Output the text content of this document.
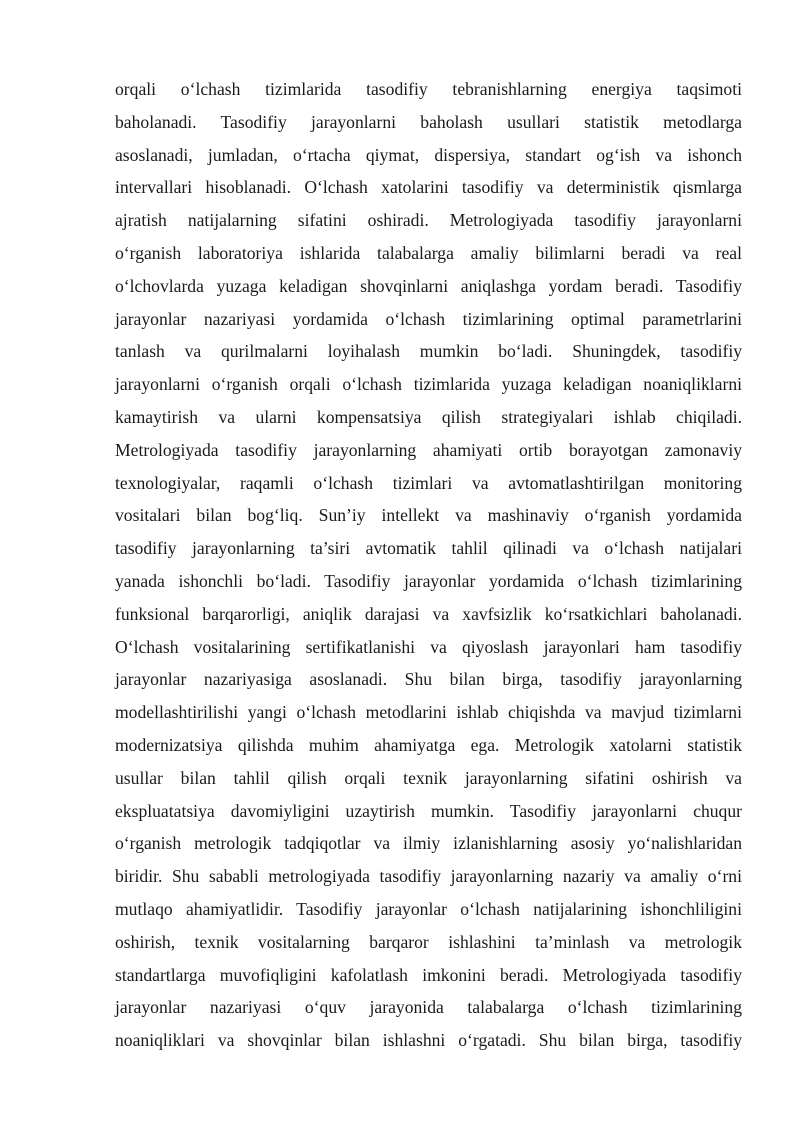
orqali o‘lchash tizimlarida tasodifiy tebranishlarning energiya taqsimoti
baholanadi. Tasodifiy jarayonlarni baholash usullari statistik metodlarga
asoslanadi, jumladan, o‘rtacha qiymat, dispersiya, standart og‘ish va ishonch
intervallari hisoblanadi. O‘lchash xatolarini tasodifiy va deterministik qismlarga
ajratish natijalarning sifatini oshiradi. Metrologiyada tasodifiy jarayonlarni
o‘rganish laboratoriya ishlarida talabalarga amaliy bilimlarni beradi va real
o‘lchovlarda yuzaga keladigan shovqinlarni aniqlashga yordam beradi. Tasodifiy
jarayonlar nazariyasi yordamida o‘lchash tizimlarining optimal parametrlarini
tanlash va qurilmalarni loyihalash mumkin bo‘ladi. Shuningdek, tasodifiy
jarayonlarni o‘rganish orqali o‘lchash tizimlarida yuzaga keladigan noaniqliklarni
kamaytirish va ularni kompensatsiya qilish strategiyalari ishlab chiqiladi.
Metrologiyada tasodifiy jarayonlarning ahamiyati ortib borayotgan zamonaviy
texnologiyalar, raqamli o‘lchash tizimlari va avtomatlashtirilgan monitoring
vositalari bilan bog‘liq. Sun’iy intellekt va mashinaviy o‘rganish yordamida
tasodifiy jarayonlarning ta’siri avtomatik tahlil qilinadi va o‘lchash natijalari
yanada ishonchli bo‘ladi. Tasodifiy jarayonlar yordamida o‘lchash tizimlarining
funksional barqarorligi, aniqlik darajasi va xavfsizlik ko‘rsatkichlari baholanadi.
O‘lchash vositalarining sertifikatlanishi va qiyoslash jarayonlari ham tasodifiy
jarayonlar nazariyasiga asoslanadi. Shu bilan birga, tasodifiy jarayonlarning
modellashtirilishi yangi o‘lchash metodlarini ishlab chiqishda va mavjud tizimlarni
modernizatsiya qilishda muhim ahamiyatga ega. Metrologik xatolarni statistik
usullar bilan tahlil qilish orqali texnik jarayonlarning sifatini oshirish va
ekspluatatsiya davomiyligini uzaytirish mumkin. Tasodifiy jarayonlarni chuqur
o‘rganish metrologik tadqiqotlar va ilmiy izlanishlarning asosiy yo‘nalishlaridan
biridir. Shu sababli metrologiyada tasodifiy jarayonlarning nazariy va amaliy o‘rni
mutlaqo ahamiyatlidir. Tasodifiy jarayonlar o‘lchash natijalarining ishonchliligini
oshirish, texnik vositalarning barqaror ishlashini ta’minlash va metrologik
standartlarga muvofiqligini kafolatlash imkonini beradi. Metrologiyada tasodifiy
jarayonlar nazariyasi o‘quv jarayonida talabalarga o‘lchash tizimlarining
noaniqliklari va shovqinlar bilan ishlashni o‘rgatadi. Shu bilan birga, tasodifiy
